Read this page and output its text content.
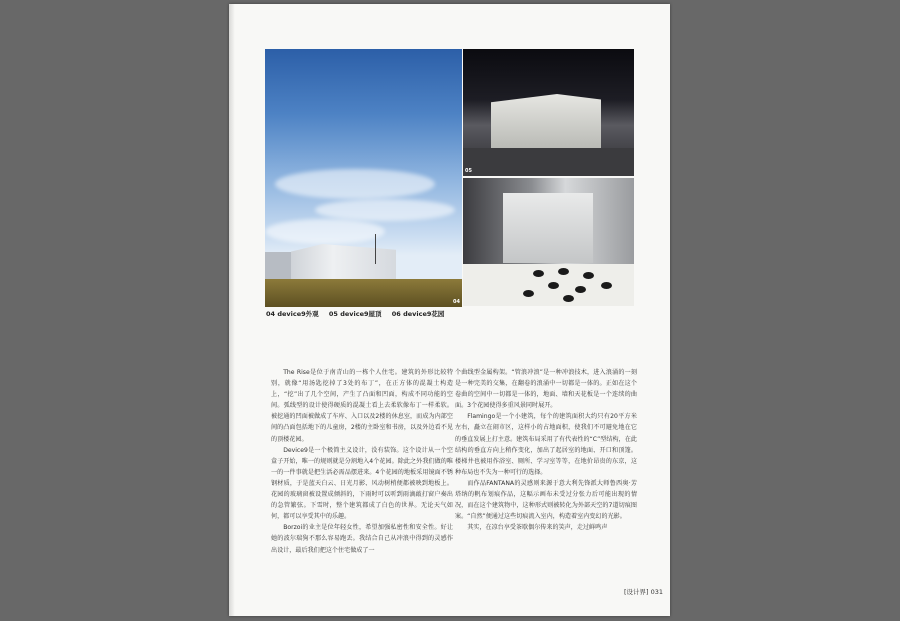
04
05
04 device9外观 05 device9屋顶 06 device9花园

The Rise是位于南青山的一栋个人住宅。建筑的外形比较特别，就像“用汤匙挖掉了3处的布丁”，在正方体的混凝土构造上，“挖”出了几个空间，产生了凸面和凹面，构成不同功能的空间。弧线型的设计使得硬质的混凝土看上去柔软像布丁一样柔软。被挖通的凹面被做成了车库、入口以及2楼的休息室，而成为内部空间的凸面包括地下的儿童房，2楼的主卧室和书房，以及外边看不见的顶楼花园。

Device9是一个极简主义设计，没有装饰。这个设计从一个空盒子开始，唯一的规则就是分割地入4个花园。除此之外我们做的唯一的一件事就是把生活必需品摆进来。4个花园的地板采用镜面不锈钢材质，于是蓝天白云、日光月影、风动树梢便都被映到地板上。花园的玻璃窗被设置成倾斜的，下雨时可以听到雨滴敲打窗户奏出的急管繁弦。下雪时，整个建筑都成了白色的世界。无论天气如何，都可以享受其中的乐趣。

Borzoi的业主是位年轻女性，希望加强私密性和安全性。好让她的波尔瑞狗不那么容易跑丢。我结合自己从冲浪中得到的灵感作出设计，最后我们把这个住宅做成了一

个曲线型金属构架。“管浪冲浪”是一种冲浪技术，进入浪涌的一刻是一种完美的交集，在翻卷的浪涌中一切都是一体的。正如在这个卷曲的空间中一切都是一体的，地面、墙和天花板是一个连续的曲面。3个花园使得多重风景同时展开。

Flamingo是一个小建筑，每个的建筑面积大约只有20平方米左右，矗立在闹市区，这样小的占地面积，使我们不可避免地在它的垂直发展上打主意。建筑布局采用了有代表性的“C”型结构，在此结构的垂直方向上稍作变化，加出了起居室的地面、开口和顶篷。楼梯井也被用作浴室、厕所、学习室等等，在地价昂贵的东京，这种布局也不失为一种可行的选择。

而作品FANTANA的灵感则来源于意大利先锋派大师鲁西奥·芳塔纳的帆布划痕作品，这幅示画布未受过分张力后可能出现的情况，而在这个建筑物中，这种形式则被转化为外部天空的7道切痕图案。“自然”便通过这些切痕流入室内，构造着室内变幻的光影。

其实，在凉台享受茶歇偶尔传来的笑声，走过鲜鸣声

[设计界] 031
